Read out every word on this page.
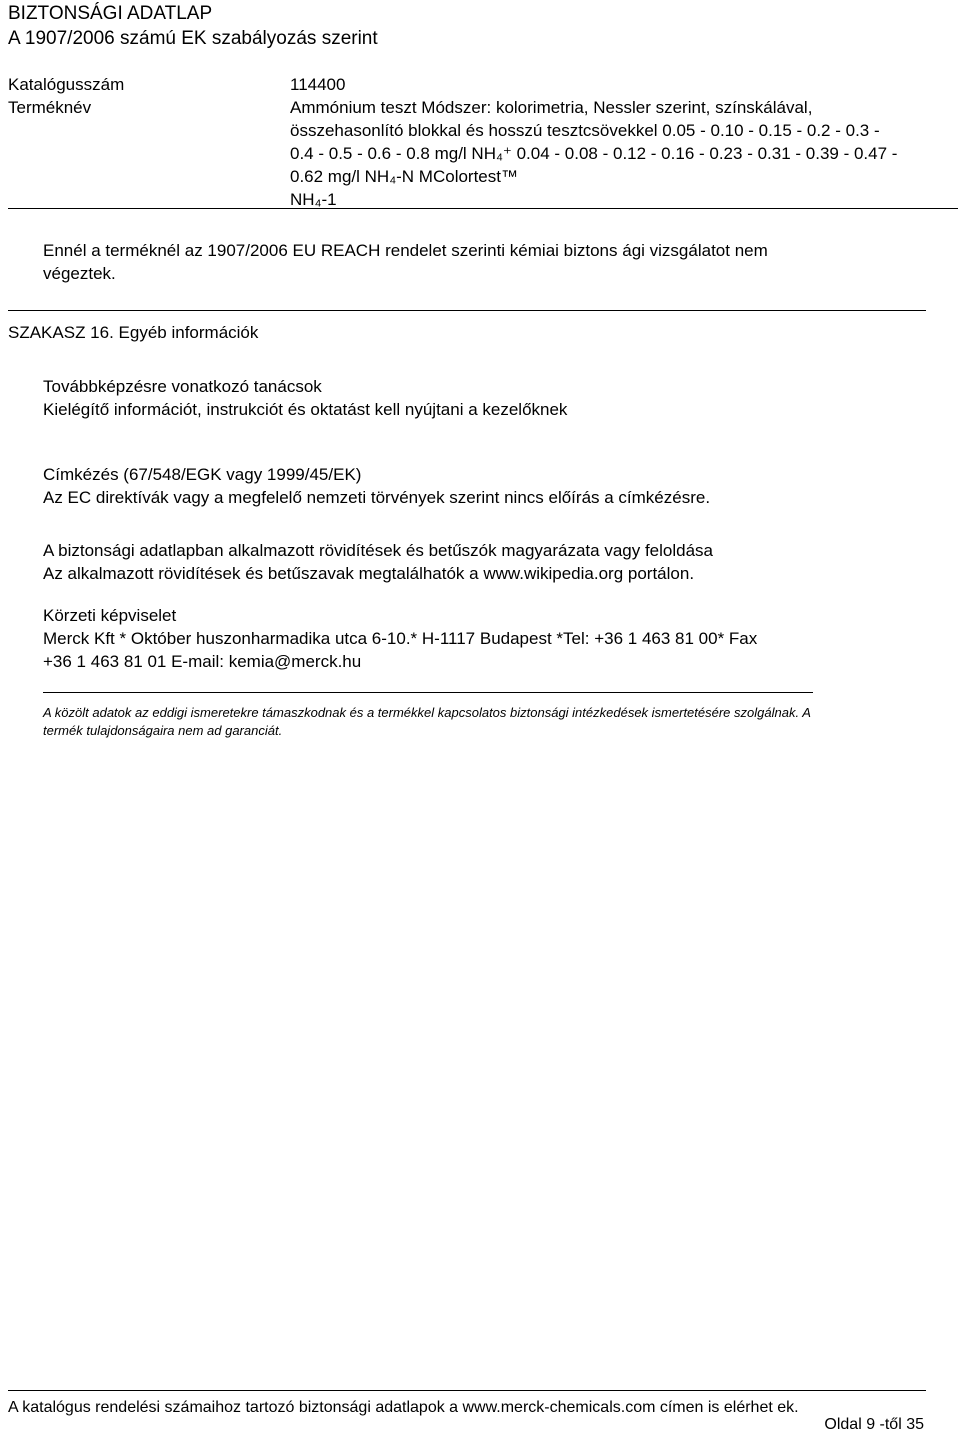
BIZTONSÁGI ADATLAP
A 1907/2006 számú EK szabályozás szerint
Katalógusszám	114400
Terméknév	Ammónium teszt Módszer: kolorimetria, Nessler szerint, színskálával,
összehasonlító blokkal és hosszú tesztcsövekkel 0.05 - 0.10 - 0.15 - 0.2 - 0.3 -
0.4 - 0.5 - 0.6 - 0.8 mg/l NH₄⁺ 0.04 - 0.08 - 0.12 - 0.16 - 0.23 - 0.31 - 0.39 - 0.47 -
0.62 mg/l NH₄-N MColortest™
NH₄-1
Ennél a terméknél az 1907/2006 EU REACH rendelet szerinti kémiai biztons ági vizsgálatot nem
végeztek.
SZAKASZ 16. Egyéb információk
Továbbképzésre vonatkozó tanácsok
Kielégítő információt, instrukciót és oktatást kell nyújtani a kezelőknek
Címkézés (67/548/EGK vagy 1999/45/EK)
Az EC direktívák vagy a megfelelő nemzeti törvények szerint nincs előírás a címkézésre.
A biztonsági adatlapban alkalmazott rövidítések és betűszók magyarázata vagy feloldása
Az alkalmazott rövidítések és betűszavak megtalálhatók a www.wikipedia.org portálon.
Körzeti képviselet
Merck Kft * Október huszonharmadika utca 6-10.* H-1117 Budapest *Tel: +36 1 463 81 00* Fax
+36 1 463 81 01 E-mail: kemia@merck.hu
A közölt adatok az eddigi ismeretekre támaszkodnak és a termékkel kapcsolatos biztonsági intézkedések ismertetésére szolgálnak. A
termék tulajdonságaira nem ad garanciát.
A katalógus rendelési számaihoz tartozó biztonsági adatlapok a www.merck-chemicals.com címen is elérhet ek.
Oldal 9 -től 35
